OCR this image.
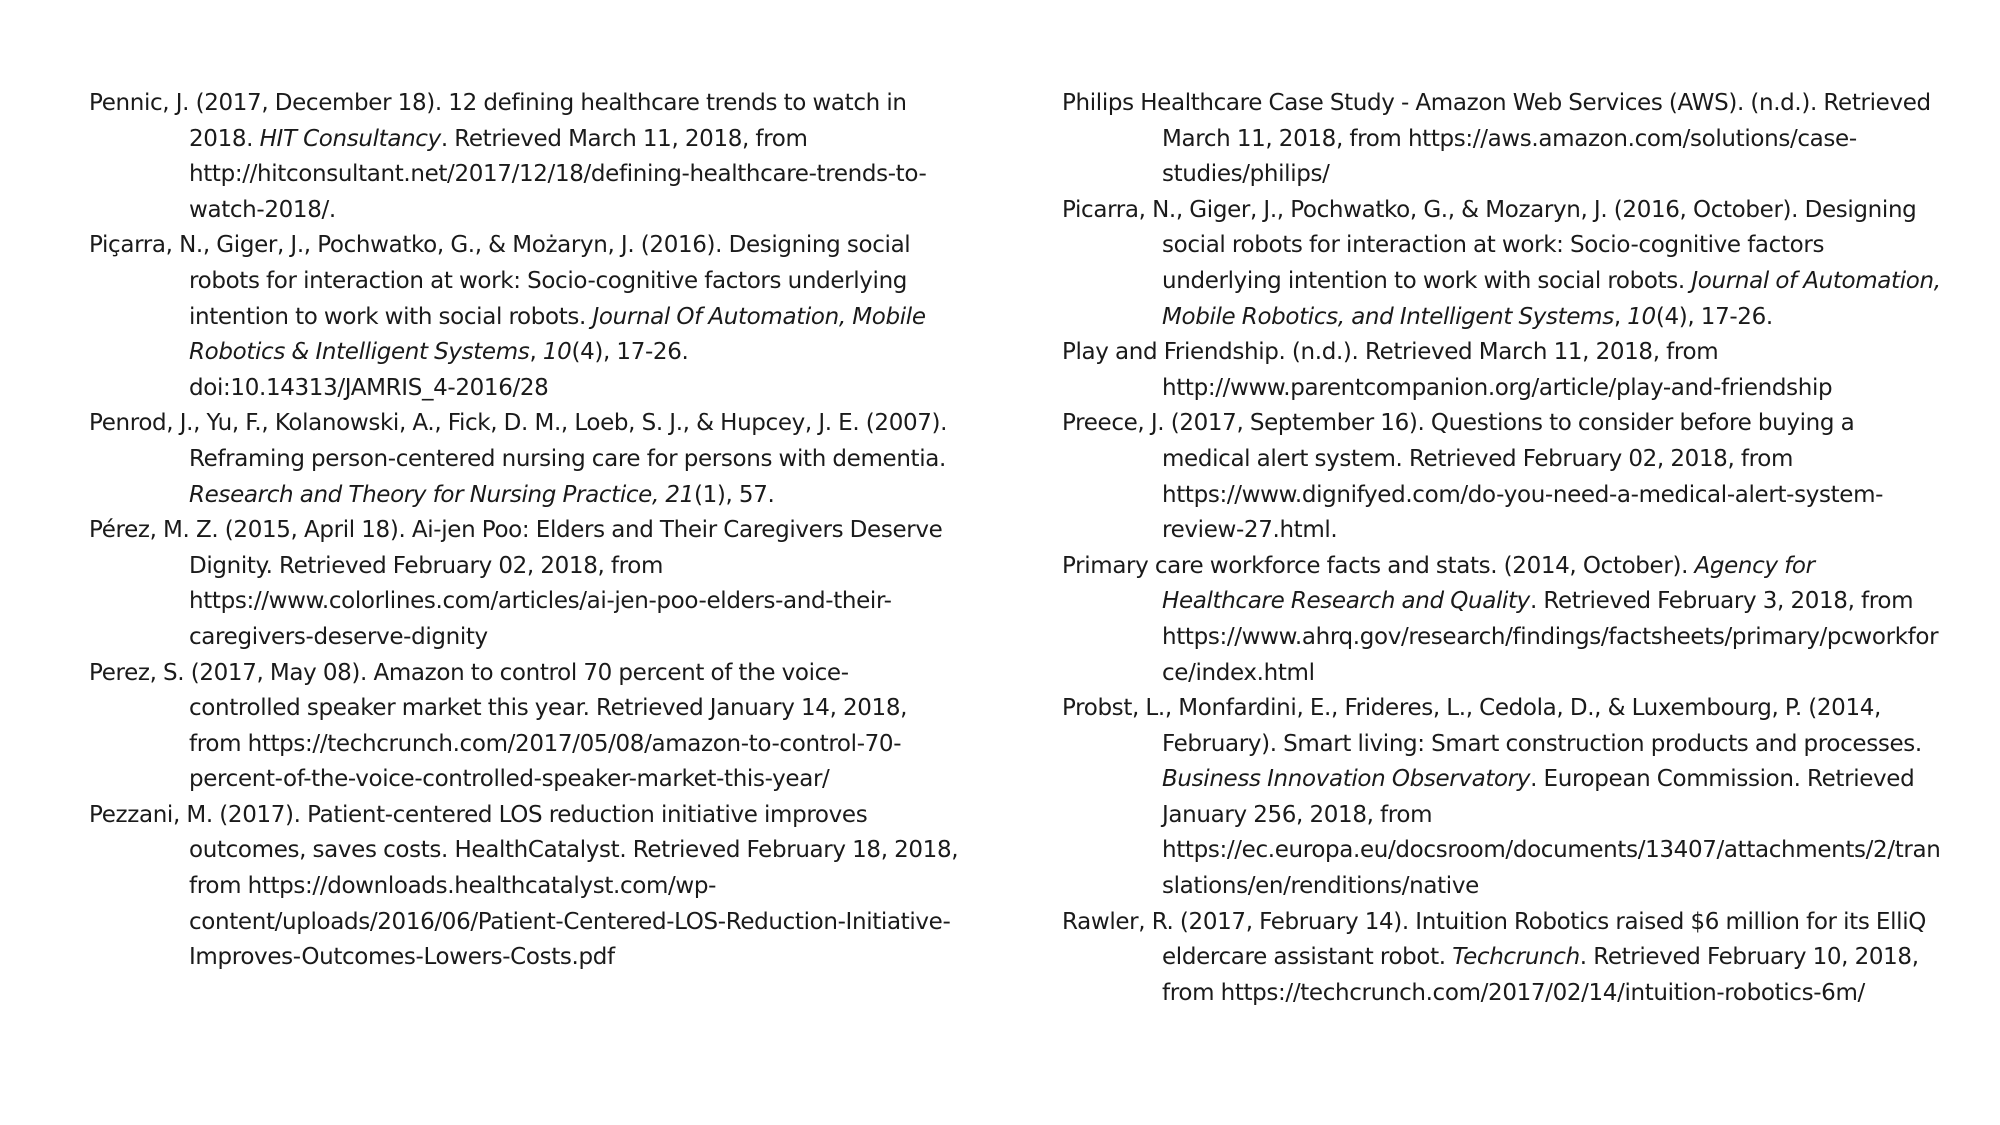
Pennic, J. (2017, December 18). 12 defining healthcare trends to watch in 2018. HIT Consultancy. Retrieved March 11, 2018, from http://hitconsultant.net/2017/12/18/defining-healthcare-trends-to-watch-2018/.

Piçarra, N., Giger, J., Pochwatko, G., & Możaryn, J. (2016). Designing social robots for interaction at work: Socio-cognitive factors underlying intention to work with social robots. Journal Of Automation, Mobile Robotics & Intelligent Systems, 10(4), 17-26. doi:10.14313/JAMRIS_4-2016/28

Penrod, J., Yu, F., Kolanowski, A., Fick, D. M., Loeb, S. J., & Hupcey, J. E. (2007). Reframing person-centered nursing care for persons with dementia. Research and Theory for Nursing Practice, 21(1), 57.

Pérez, M. Z. (2015, April 18). Ai-jen Poo: Elders and Their Caregivers Deserve Dignity. Retrieved February 02, 2018, from https://www.colorlines.com/articles/ai-jen-poo-elders-and-their-caregivers-deserve-dignity

Perez, S. (2017, May 08). Amazon to control 70 percent of the voice-controlled speaker market this year. Retrieved January 14, 2018, from https://techcrunch.com/2017/05/08/amazon-to-control-70-percent-of-the-voice-controlled-speaker-market-this-year/

Pezzani, M. (2017). Patient-centered LOS reduction initiative improves outcomes, saves costs. HealthCatalyst. Retrieved February 18, 2018, from https://downloads.healthcatalyst.com/wp-content/uploads/2016/06/Patient-Centered-LOS-Reduction-Initiative-Improves-Outcomes-Lowers-Costs.pdf

Philips Healthcare Case Study - Amazon Web Services (AWS). (n.d.). Retrieved March 11, 2018, from https://aws.amazon.com/solutions/case-studies/philips/

Picarra, N., Giger, J., Pochwatko, G., & Mozaryn, J. (2016, October). Designing social robots for interaction at work: Socio-cognitive factors underlying intention to work with social robots. Journal of Automation, Mobile Robotics, and Intelligent Systems, 10(4), 17-26.

Play and Friendship. (n.d.). Retrieved March 11, 2018, from http://www.parentcompanion.org/article/play-and-friendship

Preece, J. (2017, September 16). Questions to consider before buying a medical alert system. Retrieved February 02, 2018, from https://www.dignifyed.com/do-you-need-a-medical-alert-system-review-27.html.

Primary care workforce facts and stats. (2014, October). Agency for Healthcare Research and Quality. Retrieved February 3, 2018, from https://www.ahrq.gov/research/findings/factsheets/primary/pcworkforce/index.html

Probst, L., Monfardini, E., Frideres, L., Cedola, D., & Luxembourg, P. (2014, February). Smart living: Smart construction products and processes. Business Innovation Observatory. European Commission. Retrieved January 256, 2018, from https://ec.europa.eu/docsroom/documents/13407/attachments/2/translations/en/renditions/native

Rawler, R. (2017, February 14). Intuition Robotics raised $6 million for its ElliQ eldercare assistant robot. Techcrunch. Retrieved February 10, 2018, from https://techcrunch.com/2017/02/14/intuition-robotics-6m/
